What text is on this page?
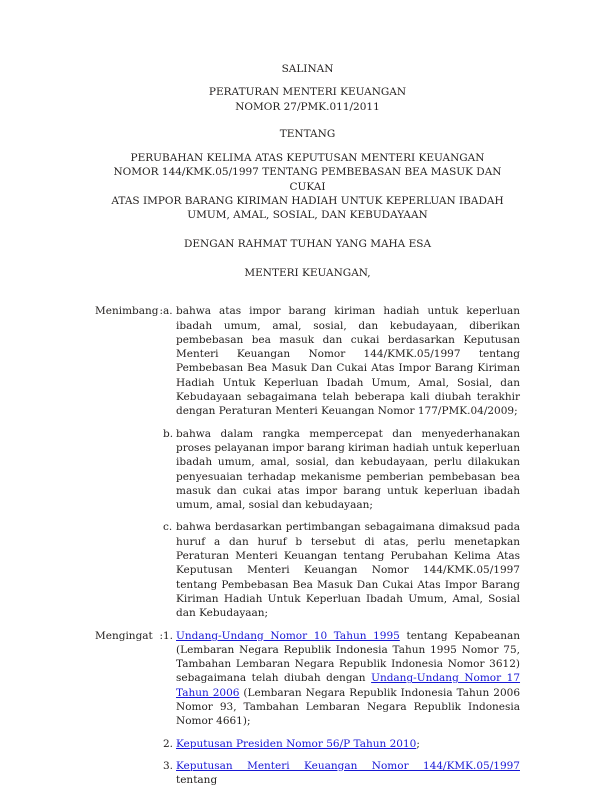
SALINAN
PERATURAN MENTERI KEUANGAN
NOMOR 27/PMK.011/2011
TENTANG
PERUBAHAN KELIMA ATAS KEPUTUSAN MENTERI KEUANGAN
NOMOR 144/KMK.05/1997 TENTANG PEMBEBASAN BEA MASUK DAN CUKAI
ATAS IMPOR BARANG KIRIMAN HADIAH UNTUK KEPERLUAN IBADAH
UMUM, AMAL, SOSIAL, DAN KEBUDAYAAN
DENGAN RAHMAT TUHAN YANG MAHA ESA
MENTERI KEUANGAN,
Menimbang : a. bahwa atas impor barang kiriman hadiah untuk keperluan ibadah umum, amal, sosial, dan kebudayaan, diberikan pembebasan bea masuk dan cukai berdasarkan Keputusan Menteri Keuangan Nomor 144/KMK.05/1997 tentang Pembebasan Bea Masuk Dan Cukai Atas Impor Barang Kiriman Hadiah Untuk Keperluan Ibadah Umum, Amal, Sosial, dan Kebudayaan sebagaimana telah beberapa kali diubah terakhir dengan Peraturan Menteri Keuangan Nomor 177/PMK.04/2009;
b. bahwa dalam rangka mempercepat dan menyederhanakan proses pelayanan impor barang kiriman hadiah untuk keperluan ibadah umum, amal, sosial, dan kebudayaan, perlu dilakukan penyesuaian terhadap mekanisme pemberian pembebasan bea masuk dan cukai atas impor barang untuk keperluan ibadah umum, amal, sosial dan kebudayaan;
c. bahwa berdasarkan pertimbangan sebagaimana dimaksud pada huruf a dan huruf b tersebut di atas, perlu menetapkan Peraturan Menteri Keuangan tentang Perubahan Kelima Atas Keputusan Menteri Keuangan Nomor 144/KMK.05/1997 tentang Pembebasan Bea Masuk Dan Cukai Atas Impor Barang Kiriman Hadiah Untuk Keperluan Ibadah Umum, Amal, Sosial dan Kebudayaan;
Mengingat : 1. Undang-Undang Nomor 10 Tahun 1995 tentang Kepabeanan (Lembaran Negara Republik Indonesia Tahun 1995 Nomor 75, Tambahan Lembaran Negara Republik Indonesia Nomor 3612) sebagaimana telah diubah dengan Undang-Undang Nomor 17 Tahun 2006 (Lembaran Negara Republik Indonesia Tahun 2006 Nomor 93, Tambahan Lembaran Negara Republik Indonesia Nomor 4661);
2. Keputusan Presiden Nomor 56/P Tahun 2010;
3. Keputusan Menteri Keuangan Nomor 144/KMK.05/1997 tentang
